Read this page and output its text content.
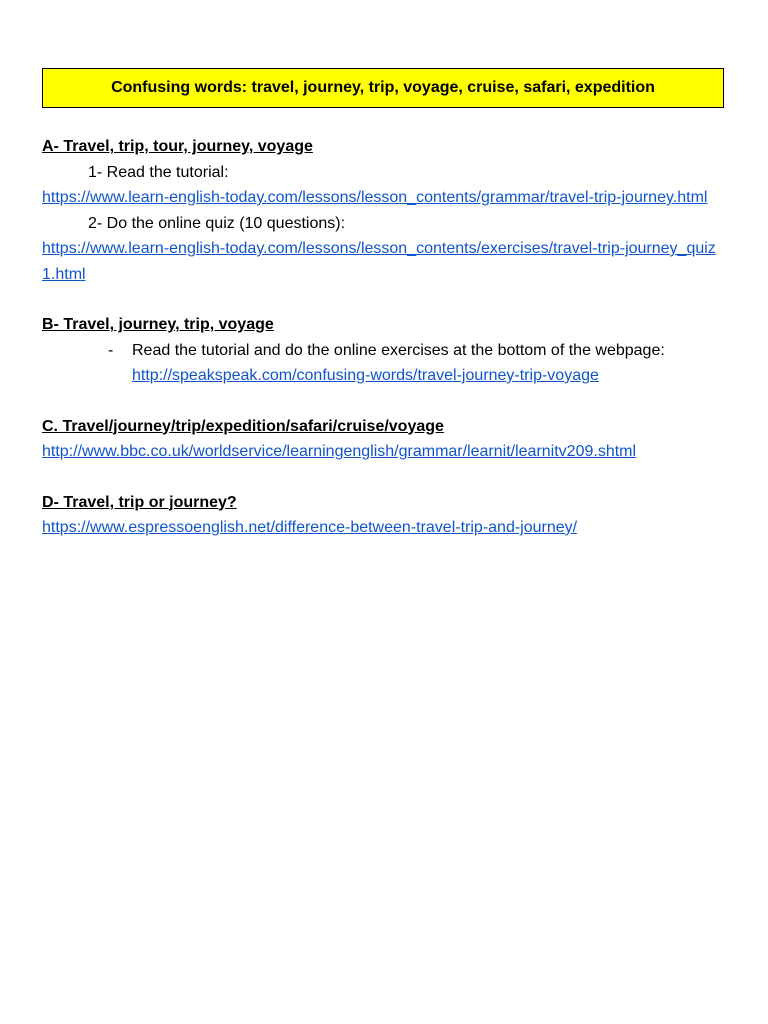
Confusing words: travel, journey, trip, voyage, cruise, safari, expedition
A- Travel, trip, tour, journey, voyage
1- Read the tutorial:
https://www.learn-english-today.com/lessons/lesson_contents/grammar/travel-trip-journey.html
2- Do the online quiz (10 questions):
https://www.learn-english-today.com/lessons/lesson_contents/exercises/travel-trip-journey_quiz1.html
B- Travel, journey, trip, voyage
-	Read the tutorial and do the online exercises at the bottom of the webpage:
http://speakspeak.com/confusing-words/travel-journey-trip-voyage
C. Travel/journey/trip/expedition/safari/cruise/voyage
http://www.bbc.co.uk/worldservice/learningenglish/grammar/learnit/learnitv209.shtml
D- Travel, trip or journey?
https://www.espressoenglish.net/difference-between-travel-trip-and-journey/
